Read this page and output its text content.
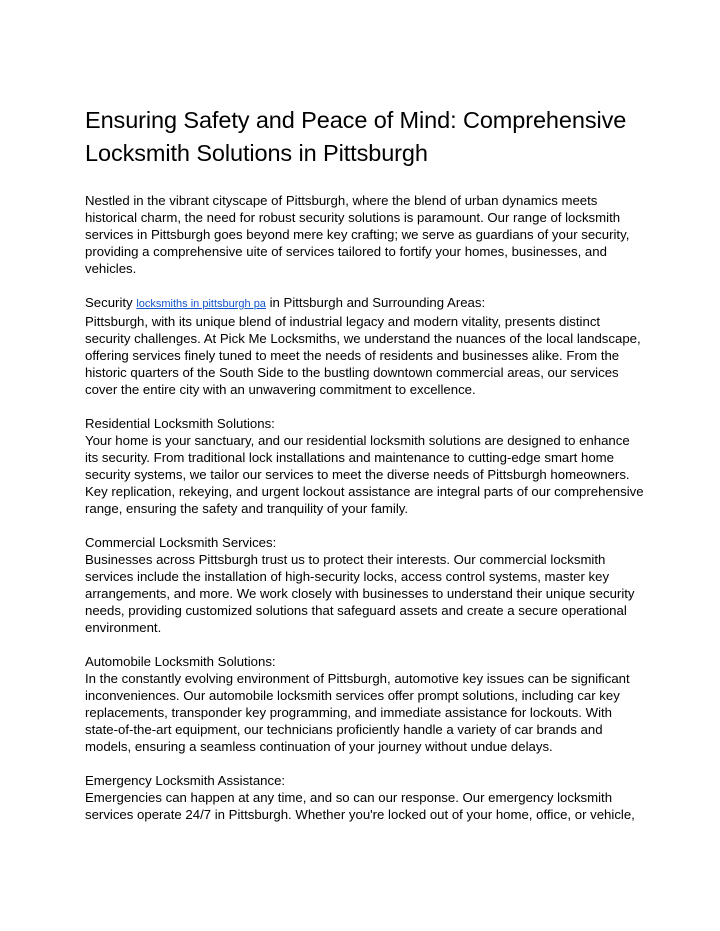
Ensuring Safety and Peace of Mind: Comprehensive
Locksmith Solutions in Pittsburgh
Nestled in the vibrant cityscape of Pittsburgh, where the blend of urban dynamics meets
historical charm, the need for robust security solutions is paramount. Our range of locksmith
services in Pittsburgh goes beyond mere key crafting; we serve as guardians of your security,
providing a comprehensive uite of services tailored to fortify your homes, businesses, and
vehicles.
Security locksmiths in pittsburgh pa in Pittsburgh and Surrounding Areas:
Pittsburgh, with its unique blend of industrial legacy and modern vitality, presents distinct
security challenges. At Pick Me Locksmiths, we understand the nuances of the local landscape,
offering services finely tuned to meet the needs of residents and businesses alike. From the
historic quarters of the South Side to the bustling downtown commercial areas, our services
cover the entire city with an unwavering commitment to excellence.
Residential Locksmith Solutions:
Your home is your sanctuary, and our residential locksmith solutions are designed to enhance
its security. From traditional lock installations and maintenance to cutting-edge smart home
security systems, we tailor our services to meet the diverse needs of Pittsburgh homeowners.
Key replication, rekeying, and urgent lockout assistance are integral parts of our comprehensive
range, ensuring the safety and tranquility of your family.
Commercial Locksmith Services:
Businesses across Pittsburgh trust us to protect their interests. Our commercial locksmith
services include the installation of high-security locks, access control systems, master key
arrangements, and more. We work closely with businesses to understand their unique security
needs, providing customized solutions that safeguard assets and create a secure operational
environment.
Automobile Locksmith Solutions:
In the constantly evolving environment of Pittsburgh, automotive key issues can be significant
inconveniences. Our automobile locksmith services offer prompt solutions, including car key
replacements, transponder key programming, and immediate assistance for lockouts. With
state-of-the-art equipment, our technicians proficiently handle a variety of car brands and
models, ensuring a seamless continuation of your journey without undue delays.
Emergency Locksmith Assistance:
Emergencies can happen at any time, and so can our response. Our emergency locksmith
services operate 24/7 in Pittsburgh. Whether you're locked out of your home, office, or vehicle,
